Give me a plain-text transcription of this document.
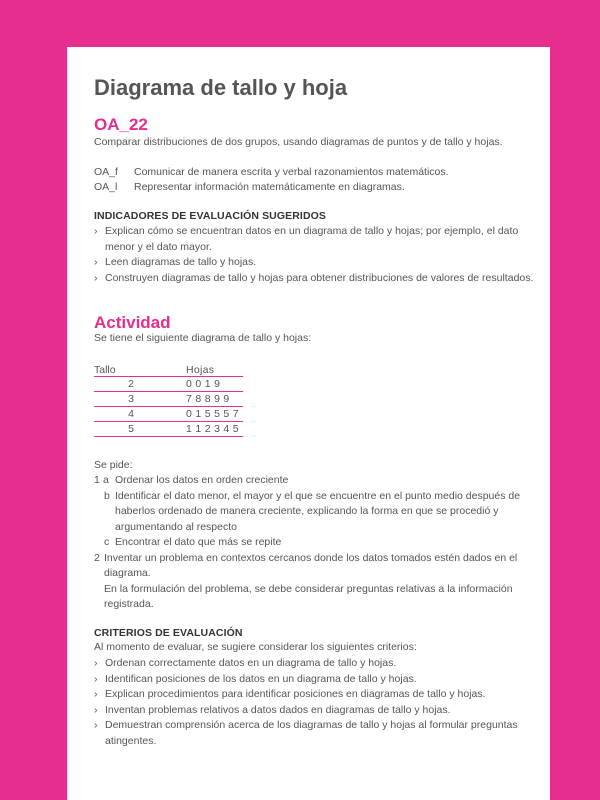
Diagrama de tallo y hoja
OA_22
Comparar distribuciones de dos grupos, usando diagramas de puntos y de tallo y hojas.
OA_f	Comunicar de manera escrita y verbal razonamientos matemáticos.
OA_l	Representar información matemáticamente en diagramas.
INDICADORES DE EVALUACIÓN SUGERIDOS
› Explican cómo se encuentran datos en un diagrama de tallo y hojas; por ejemplo, el dato menor y el dato mayor.
› Leen diagramas de tallo y hojas.
› Construyen diagramas de tallo y hojas para obtener distribuciones de valores de resultados.
Actividad
Se tiene el siguiente diagrama de tallo y hojas:
Tallo	Hojas
2	0 0 1 9
3	7 8 8 9 9
4	0 1 5 5 5 7
5	1 1 2 3 4 5
Se pide:
1 a Ordenar los datos en orden creciente
b Identificar el dato menor, el mayor y el que se encuentre en el punto medio después de haberlos ordenado de manera creciente, explicando la forma en que se procedió y argumentando al respecto
c Encontrar el dato que más se repite
2 Inventar un problema en contextos cercanos donde los datos tomados estén dados en el diagrama.
En la formulación del problema, se debe considerar preguntas relativas a la información registrada.
CRITERIOS DE EVALUACIÓN
Al momento de evaluar, se sugiere considerar los siguientes criterios:
› Ordenan correctamente datos en un diagrama de tallo y hojas.
› Identifican posiciones de los datos en un diagrama de tallo y hojas.
› Explican procedimientos para identificar posiciones en diagramas de tallo y hojas.
› Inventan problemas relativos a datos dados en diagramas de tallo y hojas.
› Demuestran comprensión acerca de los diagramas de tallo y hojas al formular preguntas atingentes.
